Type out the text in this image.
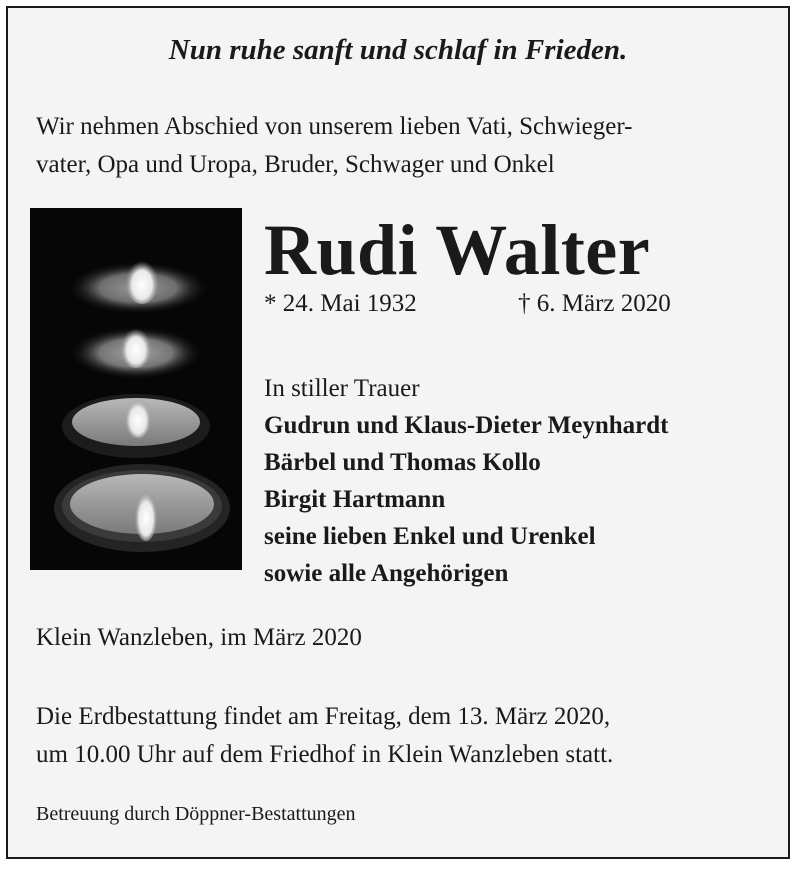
Nun ruhe sanft und schlaf in Frieden.
Wir nehmen Abschied von unserem lieben Vati, Schwieger-
vater, Opa und Uropa, Bruder, Schwager und Onkel
Rudi Walter
* 24. Mai 1932	† 6. März 2020
In stiller Trauer
Gudrun und Klaus-Dieter Meynhardt
Bärbel und Thomas Kollo
Birgit Hartmann
seine lieben Enkel und Urenkel
sowie alle Angehörigen
Klein Wanzleben, im März 2020
Die Erdbestattung findet am Freitag, dem 13. März 2020,
um 10.00 Uhr auf dem Friedhof in Klein Wanzleben statt.
Betreuung durch Döppner-Bestattungen
